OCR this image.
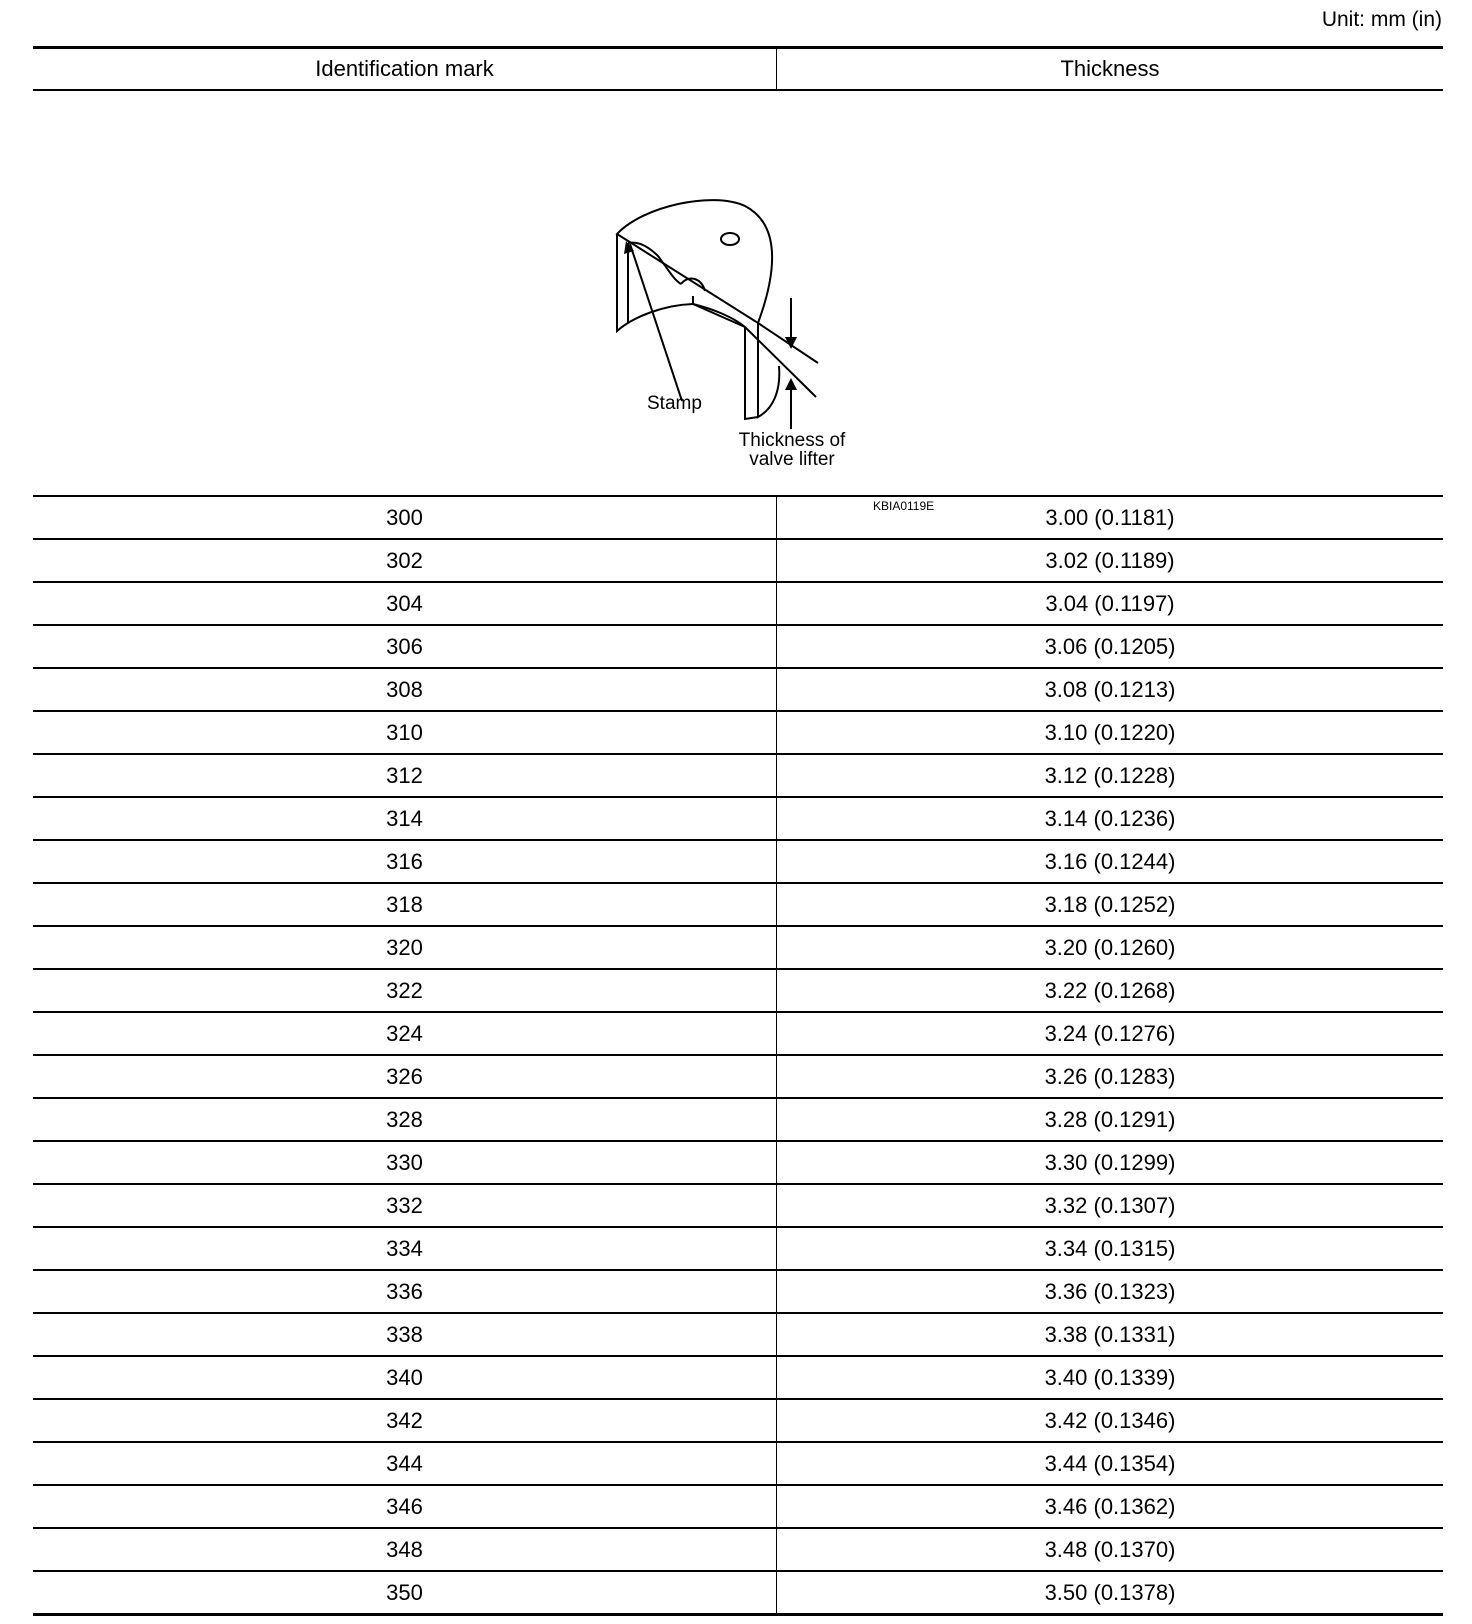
Unit: mm (in)
Identification mark	Thickness
Stamp
Thickness of
valve lifter
KBIA0119E
300	3.00 (0.1181)
302	3.02 (0.1189)
304	3.04 (0.1197)
306	3.06 (0.1205)
308	3.08 (0.1213)
310	3.10 (0.1220)
312	3.12 (0.1228)
314	3.14 (0.1236)
316	3.16 (0.1244)
318	3.18 (0.1252)
320	3.20 (0.1260)
322	3.22 (0.1268)
324	3.24 (0.1276)
326	3.26 (0.1283)
328	3.28 (0.1291)
330	3.30 (0.1299)
332	3.32 (0.1307)
334	3.34 (0.1315)
336	3.36 (0.1323)
338	3.38 (0.1331)
340	3.40 (0.1339)
342	3.42 (0.1346)
344	3.44 (0.1354)
346	3.46 (0.1362)
348	3.48 (0.1370)
350	3.50 (0.1378)
